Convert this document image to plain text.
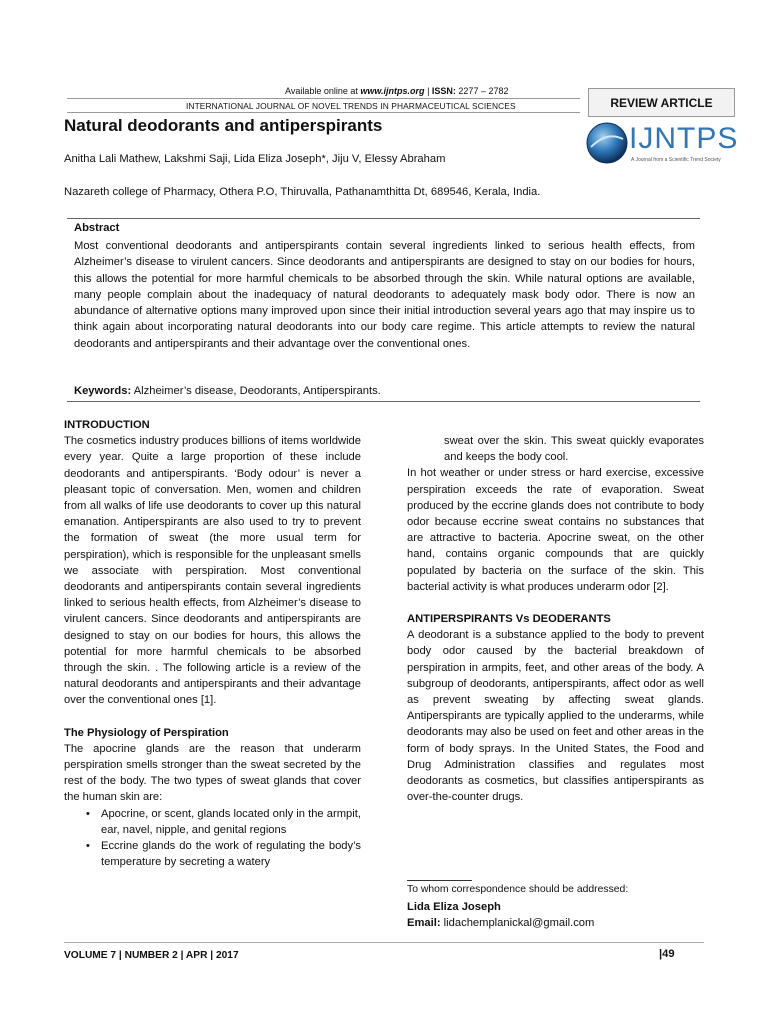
Available online at www.ijntps.org | ISSN: 2277 – 2782
INTERNATIONAL JOURNAL OF NOVEL TRENDS IN PHARMACEUTICAL SCIENCES	REVIEW ARTICLE
Natural deodorants and antiperspirants	IJNTPS
A Journal from a Scientific Trend Society
Anitha Lali Mathew, Lakshmi Saji, Lida Eliza Joseph*, Jiju V, Elessy Abraham
Nazareth college of Pharmacy, Othera P.O, Thiruvalla, Pathanamthitta Dt, 689546, Kerala, India.
Abstract
Most conventional deodorants and antiperspirants contain several ingredients linked to serious health effects, from Alzheimer’s disease to virulent cancers. Since deodorants and antiperspirants are designed to stay on our bodies for hours, this allows the potential for more harmful chemicals to be absorbed through the skin. While natural options are available, many people complain about the inadequacy of natural deodorants to adequately mask body odor. There is now an abundance of alternative options many improved upon since their initial introduction several years ago that may inspire us to think again about incorporating natural deodorants into our body care regime. This article attempts to review the natural deodorants and antiperspirants and their advantage over the conventional ones.
Keywords: Alzheimer’s disease, Deodorants, Antiperspirants.
INTRODUCTION
The cosmetics industry produces billions of items worldwide every year. Quite a large proportion of these include deodorants and antiperspirants. ‘Body odour’ is never a pleasant topic of conversation. Men, women and children from all walks of life use deodorants to cover up this natural emanation. Antiperspirants are also used to try to prevent the formation of sweat (the more usual term for perspiration), which is responsible for the unpleasant smells we associate with perspiration. Most conventional deodorants and antiperspirants contain several ingredients linked to serious health effects, from Alzheimer’s disease to virulent cancers. Since deodorants and antiperspirants are designed to stay on our bodies for hours, this allows the potential for more harmful chemicals to be absorbed through the skin. . The following article is a review of the natural deodorants and antiperspirants and their advantage over the conventional ones [1].
The Physiology of Perspiration
The apocrine glands are the reason that underarm perspiration smells stronger than the sweat secreted by the rest of the body. The two types of sweat glands that cover the human skin are:
• Apocrine, or scent, glands located only in the armpit, ear, navel, nipple, and genital regions
• Eccrine glands do the work of regulating the body’s temperature by secreting a watery
sweat over the skin. This sweat quickly evaporates and keeps the body cool.
In hot weather or under stress or hard exercise, excessive perspiration exceeds the rate of evaporation. Sweat produced by the eccrine glands does not contribute to body odor because eccrine sweat contains no substances that are attractive to bacteria. Apocrine sweat, on the other hand, contains organic compounds that are quickly populated by bacteria on the surface of the skin. This bacterial activity is what produces underarm odor [2].
ANTIPERSPIRANTS Vs DEODERANTS
A deodorant is a substance applied to the body to prevent body odor caused by the bacterial breakdown of perspiration in armpits, feet, and other areas of the body. A subgroup of deodorants, antiperspirants, affect odor as well as prevent sweating by affecting sweat glands. Antiperspirants are typically applied to the underarms, while deodorants may also be used on feet and other areas in the form of body sprays. In the United States, the Food and Drug Administration classifies and regulates most deodorants as cosmetics, but classifies antiperspirants as over-the-counter drugs.
To whom correspondence should be addressed:
Lida Eliza Joseph
Email: lidachemplanickal@gmail.com
VOLUME 7 | NUMBER 2 | APR | 2017	|49
